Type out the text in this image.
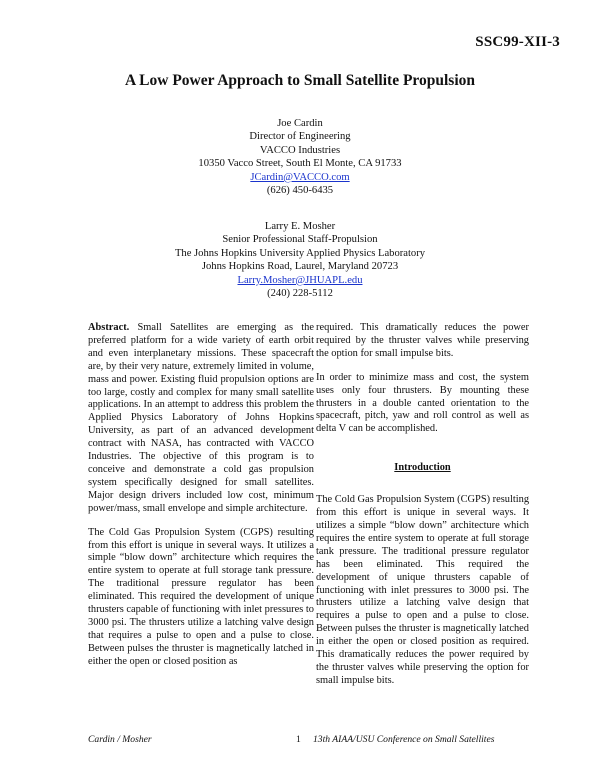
SSC99-XII-3
A Low Power Approach to Small Satellite Propulsion
Joe Cardin
Director of Engineering
VACCO Industries
10350 Vacco Street, South El Monte, CA 91733
JCardin@VACCO.com
(626) 450-6435
Larry E. Mosher
Senior Professional Staff-Propulsion
The Johns Hopkins University Applied Physics Laboratory
Johns Hopkins Road, Laurel, Maryland 20723
Larry.Mosher@JHUAPL.edu
(240) 228-5112

Abstract. Small Satellites are emerging as the preferred platform for a wide variety of earth orbit and even interplanetary missions. These spacecraft are, by their very nature, extremely limited in volume, mass and power. Existing fluid propulsion options are too large, costly and complex for many small satellite applications. In an attempt to address this problem the Applied Physics Laboratory of Johns Hopkins University, as part of an advanced development contract with NASA, has contracted with VACCO Industries. The objective of this program is to conceive and demonstrate a cold gas propulsion system specifically designed for small satellites. Major design drivers included low cost, minimum power/mass, small envelope and simple architecture.

The Cold Gas Propulsion System (CGPS) resulting from this effort is unique in several ways. It utilizes a simple “blow down” architecture which requires the entire system to operate at full storage tank pressure. The traditional pressure regulator has been eliminated. This required the development of unique thrusters capable of functioning with inlet pressures to 3000 psi. The thrusters utilize a latching valve design that requires a pulse to open and a pulse to close. Between pulses the thruster is magnetically latched in either the open or closed position as

required. This dramatically reduces the power required by the thruster valves while preserving the option for small impulse bits.

In order to minimize mass and cost, the system uses only four thrusters. By mounting these thrusters in a double canted orientation to the spacecraft, pitch, yaw and roll control as well as delta V can be accomplished.

Introduction

The Cold Gas Propulsion System (CGPS) resulting from this effort is unique in several ways. It utilizes a simple “blow down” architecture which requires the entire system to operate at full storage tank pressure. The traditional pressure regulator has been eliminated. This required the development of unique thrusters capable of functioning with inlet pressures to 3000 psi. The thrusters utilize a latching valve design that requires a pulse to open and a pulse to close. Between pulses the thruster is magnetically latched in either the open or closed position as required. This dramatically reduces the power required by the thruster valves while preserving the option for small impulse bits.

Cardin / Mosher	1 13th AIAA/USU Conference on Small Satellites
